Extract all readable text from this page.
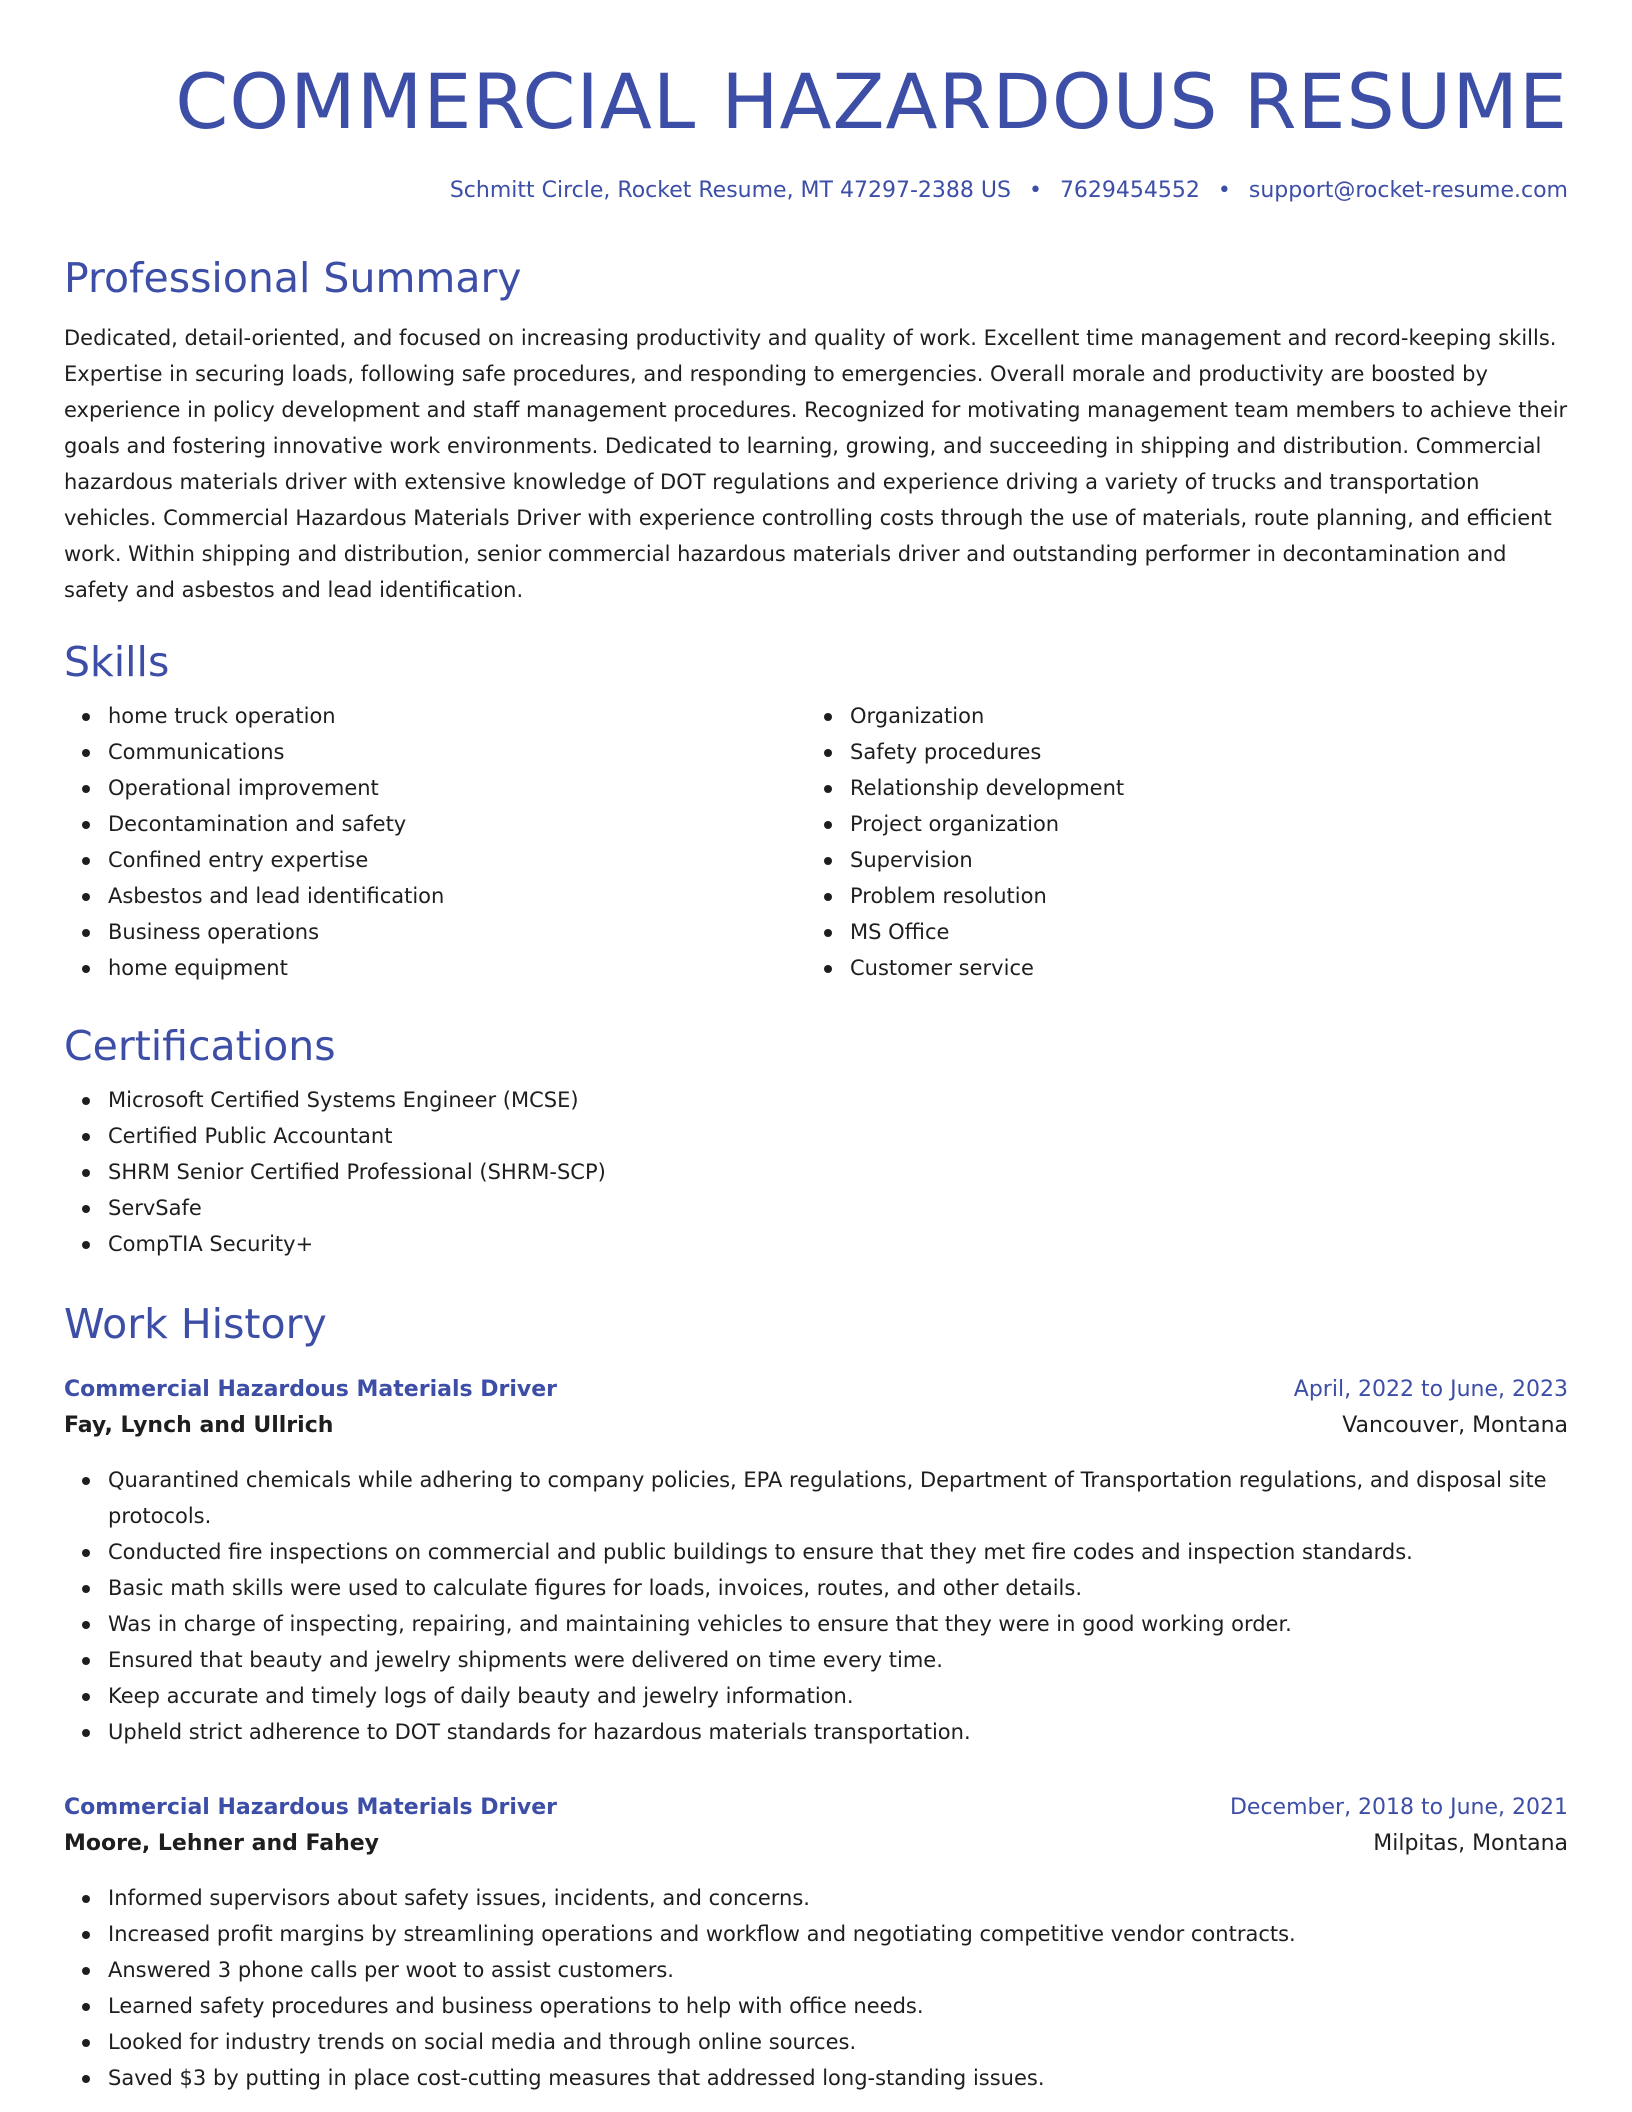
COMMERCIAL HAZARDOUS RESUME
Schmitt Circle, Rocket Resume, MT 47297-2388 US • 7629454552 • support@rocket-resume.com
Professional Summary

Dedicated, detail-oriented, and focused on increasing productivity and quality of work. Excellent time management and record-keeping skills. Expertise in securing loads, following safe procedures, and responding to emergencies. Overall morale and productivity are boosted by experience in policy development and staff management procedures. Recognized for motivating management team members to achieve their goals and fostering innovative work environments. Dedicated to learning, growing, and succeeding in shipping and distribution. Commercial hazardous materials driver with extensive knowledge of DOT regulations and experience driving a variety of trucks and transportation vehicles. Commercial Hazardous Materials Driver with experience controlling costs through the use of materials, route planning, and efficient work. Within shipping and distribution, senior commercial hazardous materials driver and outstanding performer in decontamination and safety and asbestos and lead identification.

Skills
home truck operation
Communications
Operational improvement
Decontamination and safety
Confined entry expertise
Asbestos and lead identification
Business operations
home equipment
Organization
Safety procedures
Relationship development
Project organization
Supervision
Problem resolution
MS Office
Customer service
Certifications
Microsoft Certified Systems Engineer (MCSE)
Certified Public Accountant
SHRM Senior Certified Professional (SHRM-SCP)
ServSafe
CompTIA Security+
Work History
Commercial Hazardous Materials Driver	April, 2022 to June, 2023
Fay, Lynch and Ullrich	Vancouver, Montana
Quarantined chemicals while adhering to company policies, EPA regulations, Department of Transportation regulations, and disposal site protocols.
Conducted fire inspections on commercial and public buildings to ensure that they met fire codes and inspection standards.
Basic math skills were used to calculate figures for loads, invoices, routes, and other details.
Was in charge of inspecting, repairing, and maintaining vehicles to ensure that they were in good working order.
Ensured that beauty and jewelry shipments were delivered on time every time.
Keep accurate and timely logs of daily beauty and jewelry information.
Upheld strict adherence to DOT standards for hazardous materials transportation.
Commercial Hazardous Materials Driver	December, 2018 to June, 2021
Moore, Lehner and Fahey	Milpitas, Montana
Informed supervisors about safety issues, incidents, and concerns.
Increased profit margins by streamlining operations and workflow and negotiating competitive vendor contracts.
Answered 3 phone calls per woot to assist customers.
Learned safety procedures and business operations to help with office needs.
Looked for industry trends on social media and through online sources.
Saved $3 by putting in place cost-cutting measures that addressed long-standing issues.
